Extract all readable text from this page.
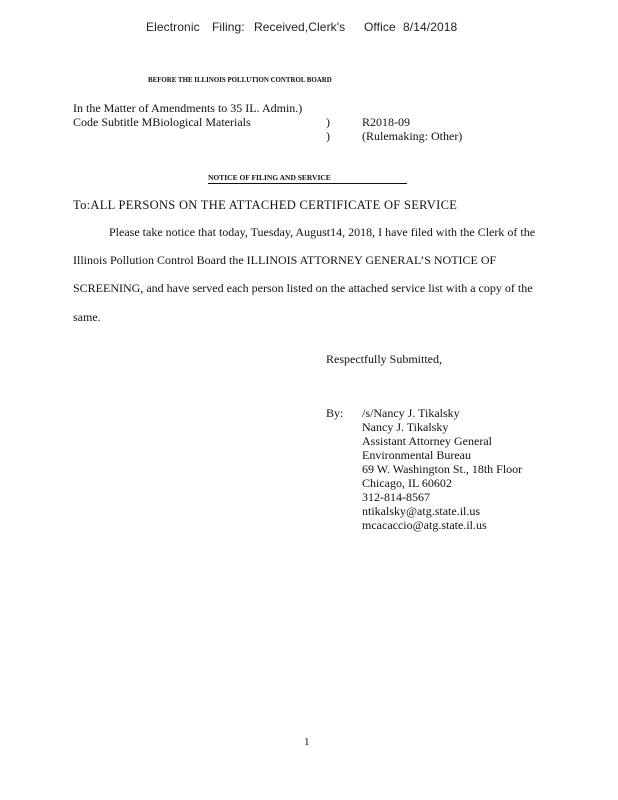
Electronic Filing: Received,Clerk's Office 8/14/2018
BEFORE THE ILLINOIS POLLUTION CONTROL BOARD
In the Matter of Amendments to 35 IL. Admin.)
Code Subtitle MBiological Materials	)
)
R2018-09
(Rulemaking: Other)
NOTICE OF FILING AND SERVICE
To:ALL PERSONS ON THE ATTACHED CERTIFICATE OF SERVICE
Please take notice that today, Tuesday, August14, 2018, I have filed with the Clerk of the
Illinois Pollution Control Board the ILLINOIS ATTORNEY GENERAL’S NOTICE OF
SCREENING, and have served each person listed on the attached service list with a copy of the
same.
Respectfully Submitted,
By: /s/Nancy J. Tikalsky
Nancy J. Tikalsky
Assistant Attorney General
Environmental Bureau
69 W. Washington St., 18th Floor
Chicago, IL 60602
312-814-8567
ntikalsky@atg.state.il.us
mcacaccio@atg.state.il.us
1
